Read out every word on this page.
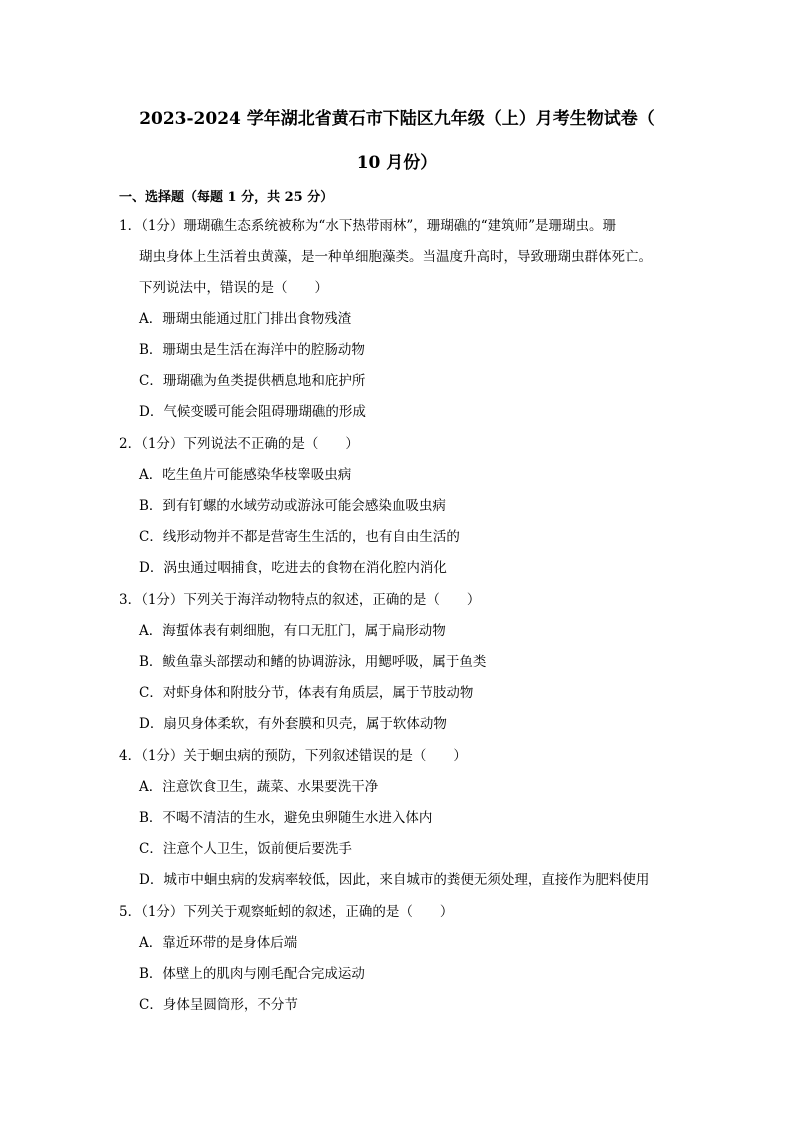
2023-2024 学年湖北省黄石市下陆区九年级（上）月考生物试卷（
10 月份）
一、选择题（每题 1 分，共 25 分）
1．（1分）珊瑚礁生态系统被称为“水下热带雨林”，珊瑚礁的“建筑师”是珊瑚虫。珊
瑚虫身体上生活着虫黄藻，是一种单细胞藻类。当温度升高时，导致珊瑚虫群体死亡。
下列说法中，错误的是（　　）
A．珊瑚虫能通过肛门排出食物残渣
B．珊瑚虫是生活在海洋中的腔肠动物
C．珊瑚礁为鱼类提供栖息地和庇护所
D．气候变暖可能会阻碍珊瑚礁的形成
2．（1分）下列说法不正确的是（　　）
A．吃生鱼片可能感染华枝睾吸虫病
B．到有钉螺的水域劳动或游泳可能会感染血吸虫病
C．线形动物并不都是营寄生生活的，也有自由生活的
D．涡虫通过咽捕食，吃进去的食物在消化腔内消化
3．（1分）下列关于海洋动物特点的叙述，正确的是（　　）
A．海蜇体表有刺细胞，有口无肛门，属于扁形动物
B．鲅鱼靠头部摆动和鳍的协调游泳，用鳃呼吸，属于鱼类
C．对虾身体和附肢分节，体表有角质层，属于节肢动物
D．扇贝身体柔软，有外套膜和贝壳，属于软体动物
4．（1分）关于蛔虫病的预防，下列叙述错误的是（　　）
A．注意饮食卫生，蔬菜、水果要洗干净
B．不喝不清洁的生水，避免虫卵随生水进入体内
C．注意个人卫生，饭前便后要洗手
D．城市中蛔虫病的发病率较低，因此，来自城市的粪便无须处理，直接作为肥料使用
5．（1分）下列关于观察蚯蚓的叙述，正确的是（　　）
A．靠近环带的是身体后端
B．体壁上的肌肉与刚毛配合完成运动
C．身体呈圆筒形，不分节
